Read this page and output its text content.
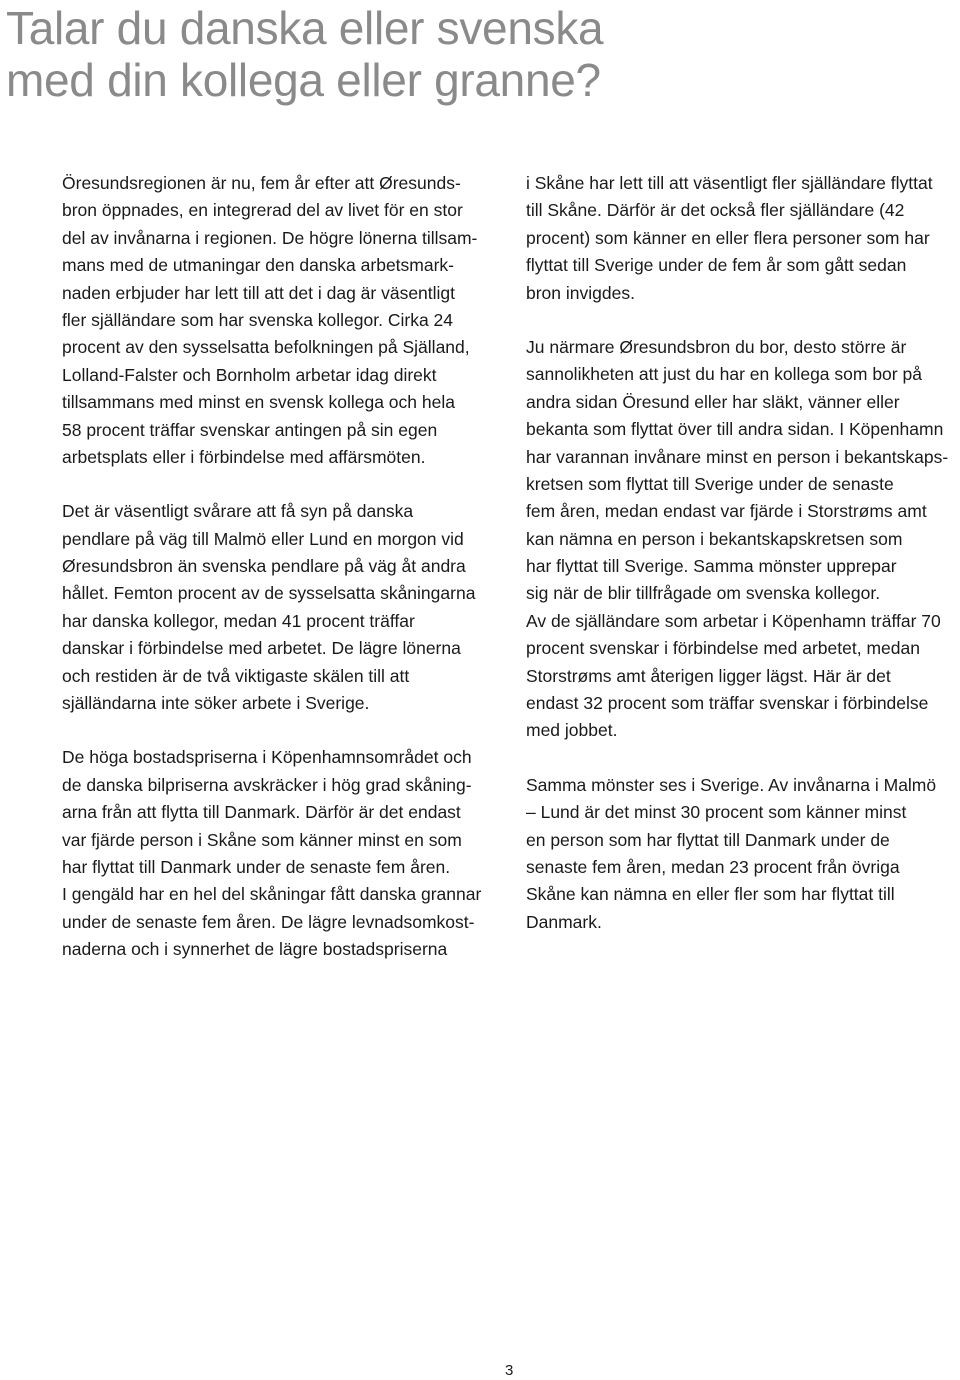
Talar du danska eller svenska
med din kollega eller granne?

Öresundsregionen är nu, fem år efter att Øresunds-
bron öppnades, en integrerad del av livet för en stor
del av invånarna i regionen. De högre lönerna tillsam-
mans med de utmaningar den danska arbetsmark-
naden erbjuder har lett till att det i dag är väsentligt
fler själländare som har svenska kollegor. Cirka 24
procent av den sysselsatta befolkningen på Själland,
Lolland-Falster och Bornholm arbetar idag direkt
tillsammans med minst en svensk kollega och hela
58 procent träffar svenskar antingen på sin egen
arbetsplats eller i förbindelse med affärsmöten.

Det är väsentligt svårare att få syn på danska
pendlare på väg till Malmö eller Lund en morgon vid
Øresundsbron än svenska pendlare på väg åt andra
hållet. Femton procent av de sysselsatta skåningarna
har danska kollegor, medan 41 procent träffar
danskar i förbindelse med arbetet. De lägre lönerna
och restiden är de två viktigaste skälen till att
själländarna inte söker arbete i Sverige.

De höga bostadspriserna i Köpenhamnsområdet och
de danska bilpriserna avskräcker i hög grad skåning-
arna från att flytta till Danmark. Därför är det endast
var fjärde person i Skåne som känner minst en som
har flyttat till Danmark under de senaste fem åren.
I gengäld har en hel del skåningar fått danska grannar
under de senaste fem åren. De lägre levnadsomkost-
naderna och i synnerhet de lägre bostadspriserna

i Skåne har lett till att väsentligt fler själländare flyttat
till Skåne. Därför är det också fler själländare (42
procent) som känner en eller flera personer som har
flyttat till Sverige under de fem år som gått sedan
bron invigdes.

Ju närmare Øresundsbron du bor, desto större är
sannolikheten att just du har en kollega som bor på
andra sidan Öresund eller har släkt, vänner eller
bekanta som flyttat över till andra sidan. I Köpenhamn
har varannan invånare minst en person i bekantskaps-
kretsen som flyttat till Sverige under de senaste
fem åren, medan endast var fjärde i Storstrøms amt
kan nämna en person i bekantskapskretsen som
har flyttat till Sverige. Samma mönster upprepar
sig när de blir tillfrågade om svenska kollegor.
Av de själländare som arbetar i Köpenhamn träffar 70
procent svenskar i förbindelse med arbetet, medan
Storstrøms amt återigen ligger lägst. Här är det
endast 32 procent som träffar svenskar i förbindelse
med jobbet.

Samma mönster ses i Sverige. Av invånarna i Malmö
– Lund är det minst 30 procent som känner minst
en person som har flyttat till Danmark under de
senaste fem åren, medan 23 procent från övriga
Skåne kan nämna en eller fler som har flyttat till
Danmark.

3
